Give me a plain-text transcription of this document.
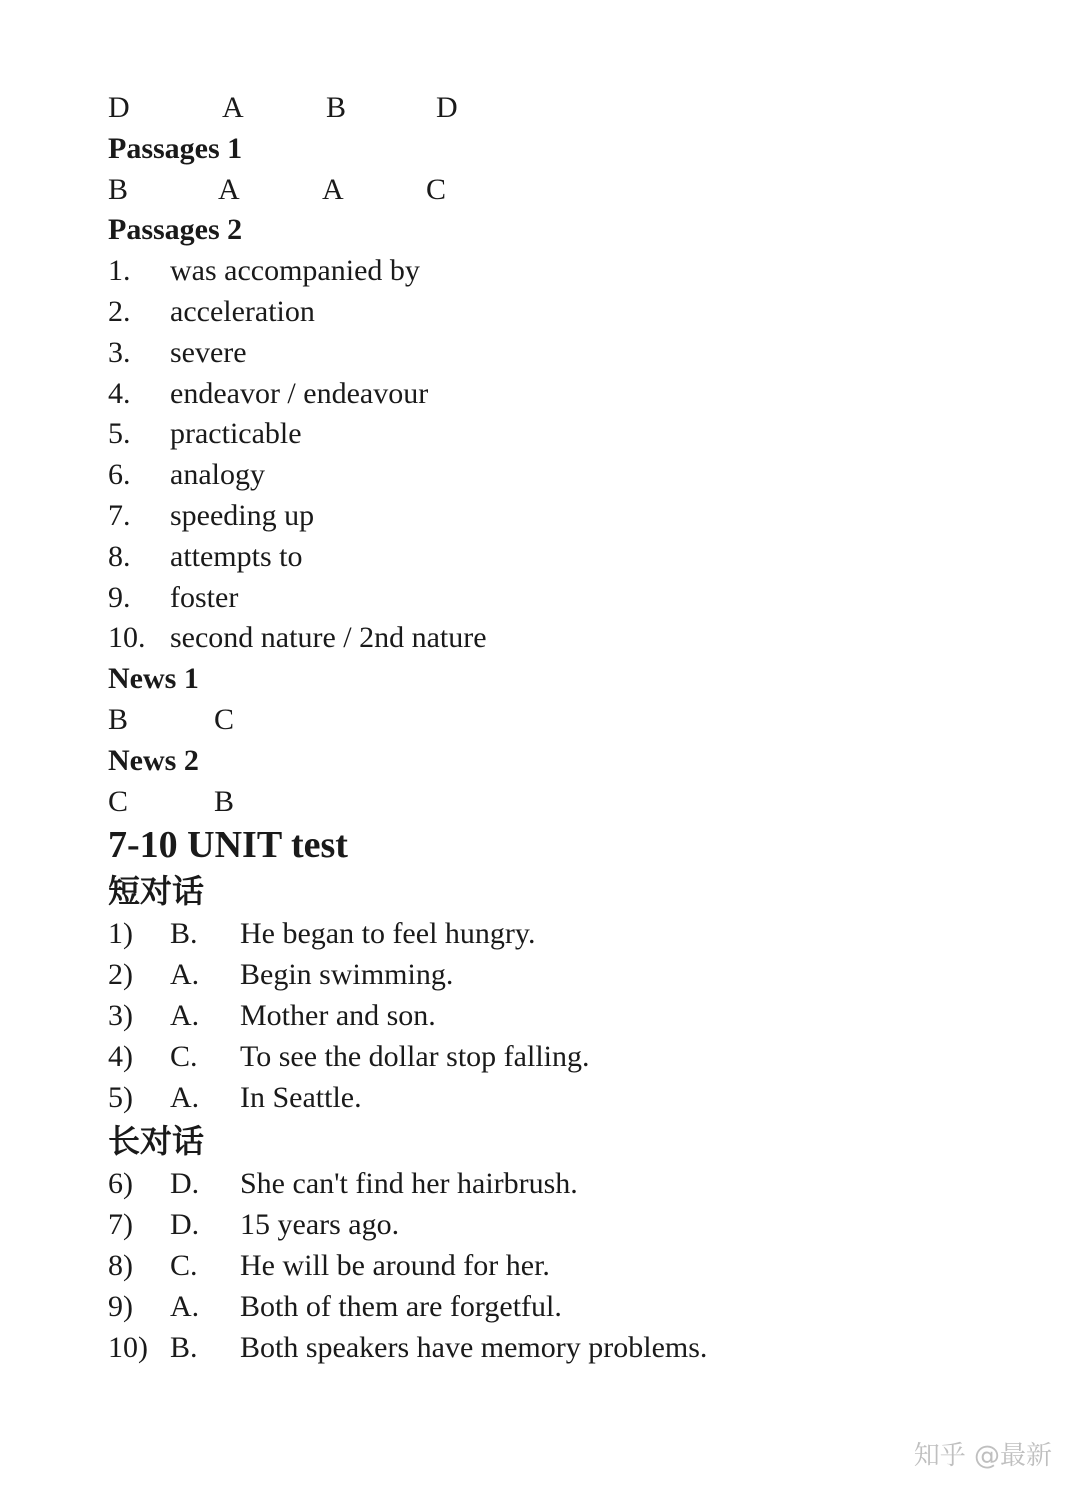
D	A	B	D
Passages 1
B	A	A	C
Passages 2
1. was accompanied by
2. acceleration
3. severe
4. endeavor / endeavour
5. practicable
6. analogy
7. speeding up
8. attempts to
9. foster
10. second nature / 2nd nature
News 1
B	C
News 2
C	B
7-10 UNIT test
短对话
1) B. He began to feel hungry.
2) A. Begin swimming.
3) A. Mother and son.
4) C. To see the dollar stop falling.
5) A. In Seattle.
长对话
6) D. She can't find her hairbrush.
7) D. 15 years ago.
8) C. He will be around for her.
9) A. Both of them are forgetful.
10) B. Both speakers have memory problems.
知乎 @最新
